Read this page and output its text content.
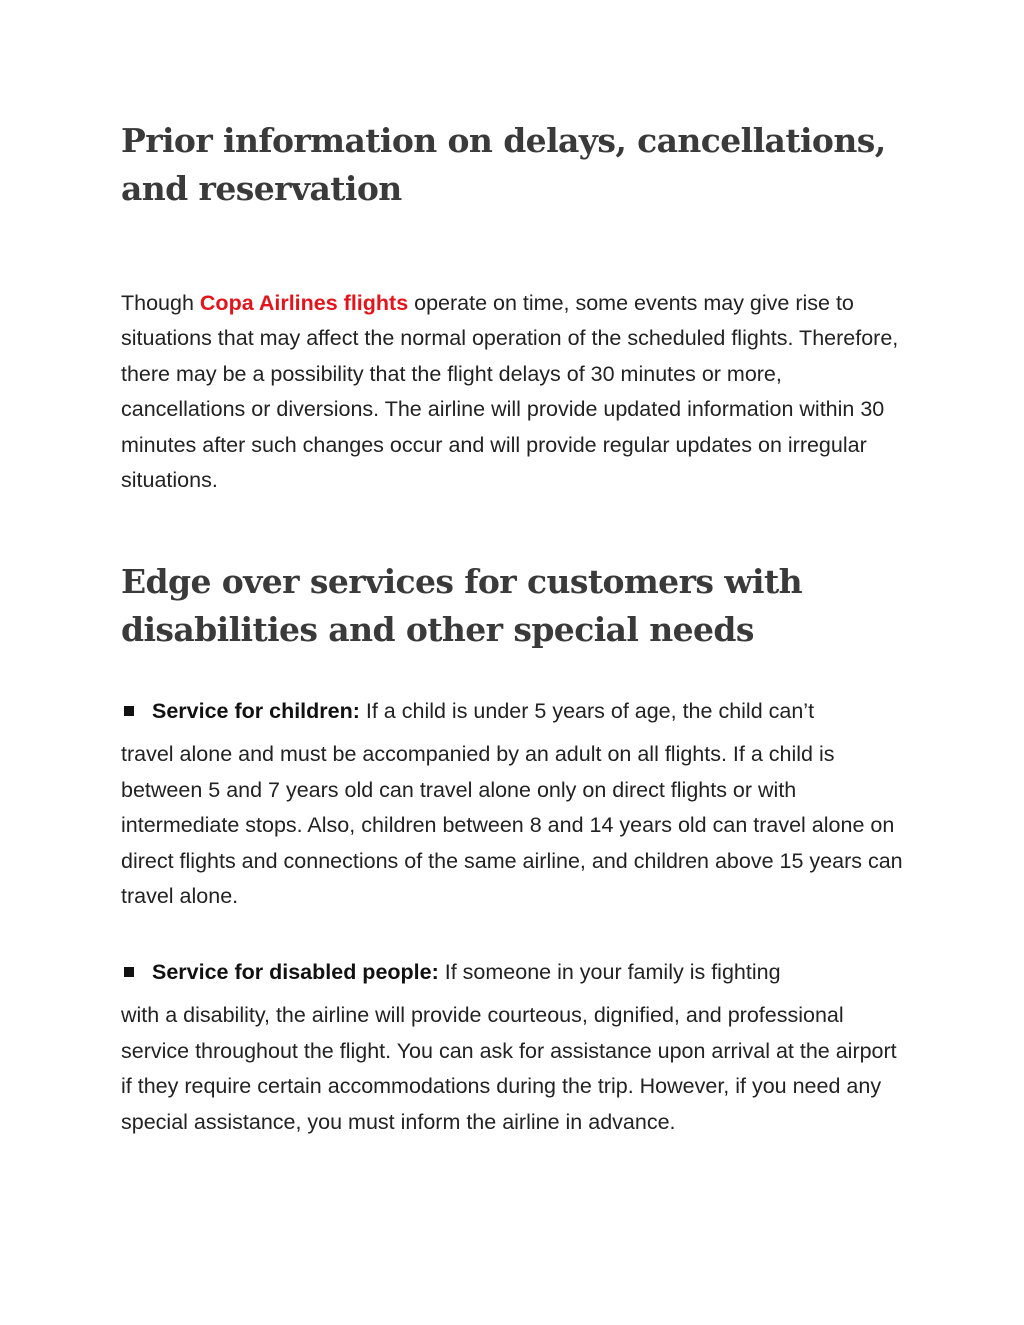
Prior information on delays, cancellations, and reservation

Though Copa Airlines flights operate on time, some events may give rise to situations that may affect the normal operation of the scheduled flights. Therefore, there may be a possibility that the flight delays of 30 minutes or more, cancellations or diversions. The airline will provide updated information within 30 minutes after such changes occur and will provide regular updates on irregular situations.

Edge over services for customers with disabilities and other special needs

Service for children: If a child is under 5 years of age, the child can’t

travel alone and must be accompanied by an adult on all flights. If a child is between 5 and 7 years old can travel alone only on direct flights or with intermediate stops. Also, children between 8 and 14 years old can travel alone on direct flights and connections of the same airline, and children above 15 years can travel alone.

Service for disabled people: If someone in your family is fighting

with a disability, the airline will provide courteous, dignified, and professional service throughout the flight. You can ask for assistance upon arrival at the airport if they require certain accommodations during the trip. However, if you need any special assistance, you must inform the airline in advance.
